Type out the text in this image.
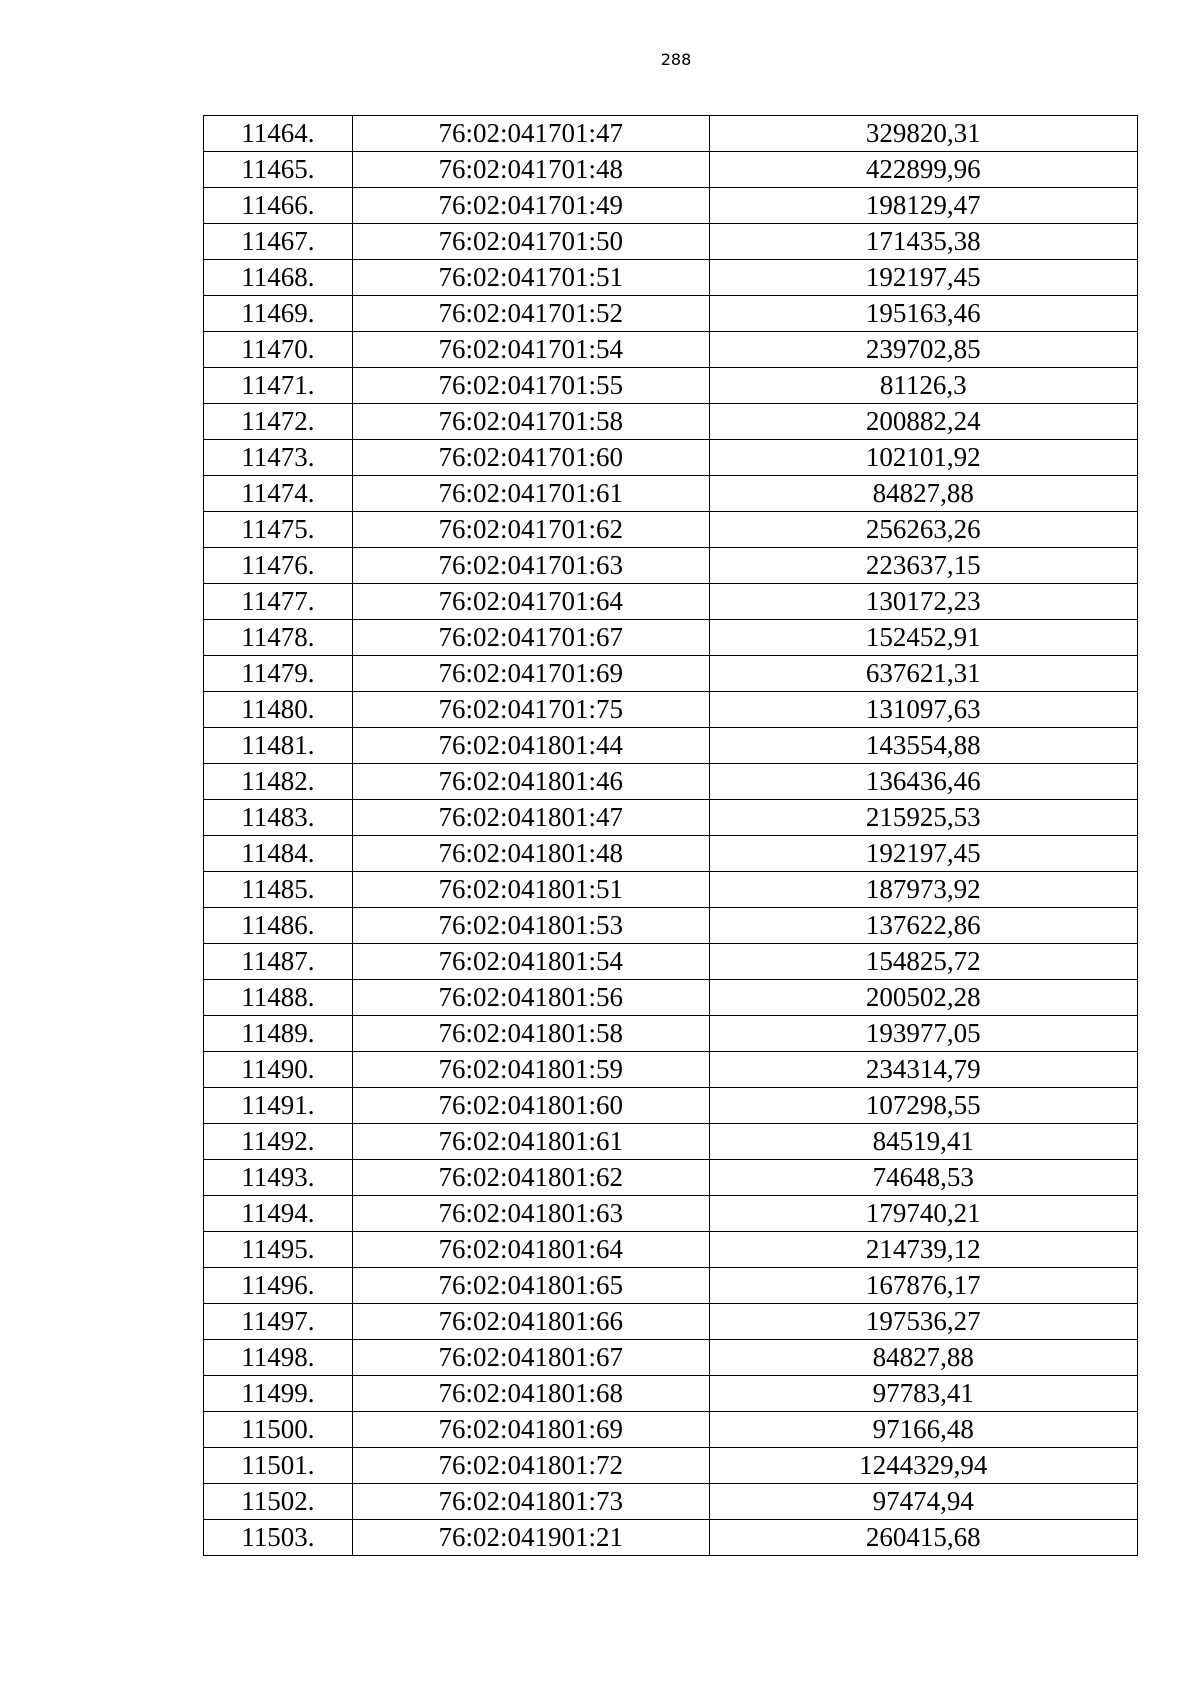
288
11464.	76:02:041701:47	329820,31
11465.	76:02:041701:48	422899,96
11466.	76:02:041701:49	198129,47
11467.	76:02:041701:50	171435,38
11468.	76:02:041701:51	192197,45
11469.	76:02:041701:52	195163,46
11470.	76:02:041701:54	239702,85
11471.	76:02:041701:55	81126,3
11472.	76:02:041701:58	200882,24
11473.	76:02:041701:60	102101,92
11474.	76:02:041701:61	84827,88
11475.	76:02:041701:62	256263,26
11476.	76:02:041701:63	223637,15
11477.	76:02:041701:64	130172,23
11478.	76:02:041701:67	152452,91
11479.	76:02:041701:69	637621,31
11480.	76:02:041701:75	131097,63
11481.	76:02:041801:44	143554,88
11482.	76:02:041801:46	136436,46
11483.	76:02:041801:47	215925,53
11484.	76:02:041801:48	192197,45
11485.	76:02:041801:51	187973,92
11486.	76:02:041801:53	137622,86
11487.	76:02:041801:54	154825,72
11488.	76:02:041801:56	200502,28
11489.	76:02:041801:58	193977,05
11490.	76:02:041801:59	234314,79
11491.	76:02:041801:60	107298,55
11492.	76:02:041801:61	84519,41
11493.	76:02:041801:62	74648,53
11494.	76:02:041801:63	179740,21
11495.	76:02:041801:64	214739,12
11496.	76:02:041801:65	167876,17
11497.	76:02:041801:66	197536,27
11498.	76:02:041801:67	84827,88
11499.	76:02:041801:68	97783,41
11500.	76:02:041801:69	97166,48
11501.	76:02:041801:72	1244329,94
11502.	76:02:041801:73	97474,94
11503.	76:02:041901:21	260415,68
